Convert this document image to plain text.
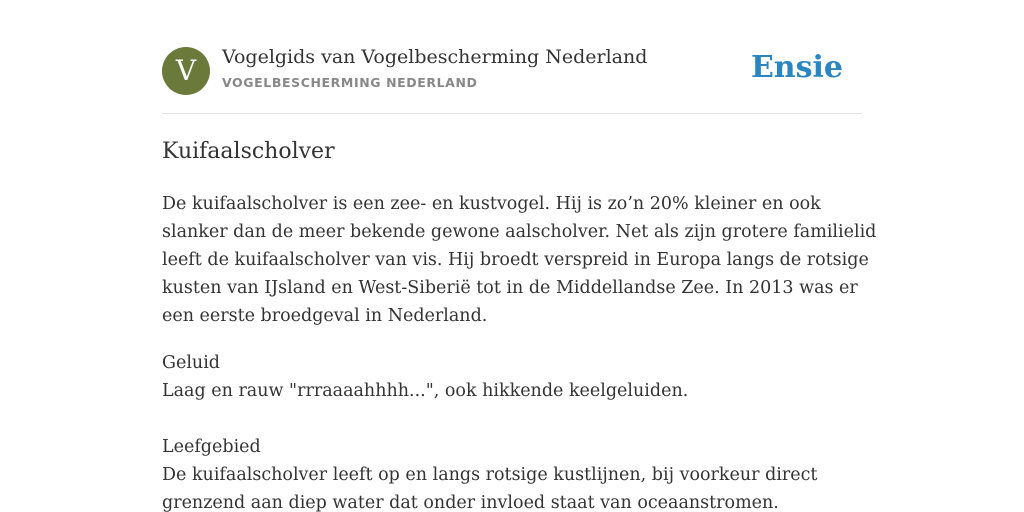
V	Vogelgids van Vogelbescherming Nederland
VOGELBESCHERMING NEDERLAND	Ensie
Kuifaalscholver

De kuifaalscholver is een zee- en kustvogel. Hij is zo’n 20% kleiner en ook
slanker dan de meer bekende gewone aalscholver. Net als zijn grotere familielid
leeft de kuifaalscholver van vis. Hij broedt verspreid in Europa langs de rotsige
kusten van IJsland en West-Siberië tot in de Middellandse Zee. In 2013 was er
een eerste broedgeval in Nederland.

Geluid
Laag en rauw "rrraaaahhhh...", ook hikkende keelgeluiden.

Leefgebied
De kuifaalscholver leeft op en langs rotsige kustlijnen, bij voorkeur direct
grenzend aan diep water dat onder invloed staat van oceaanstromen.
